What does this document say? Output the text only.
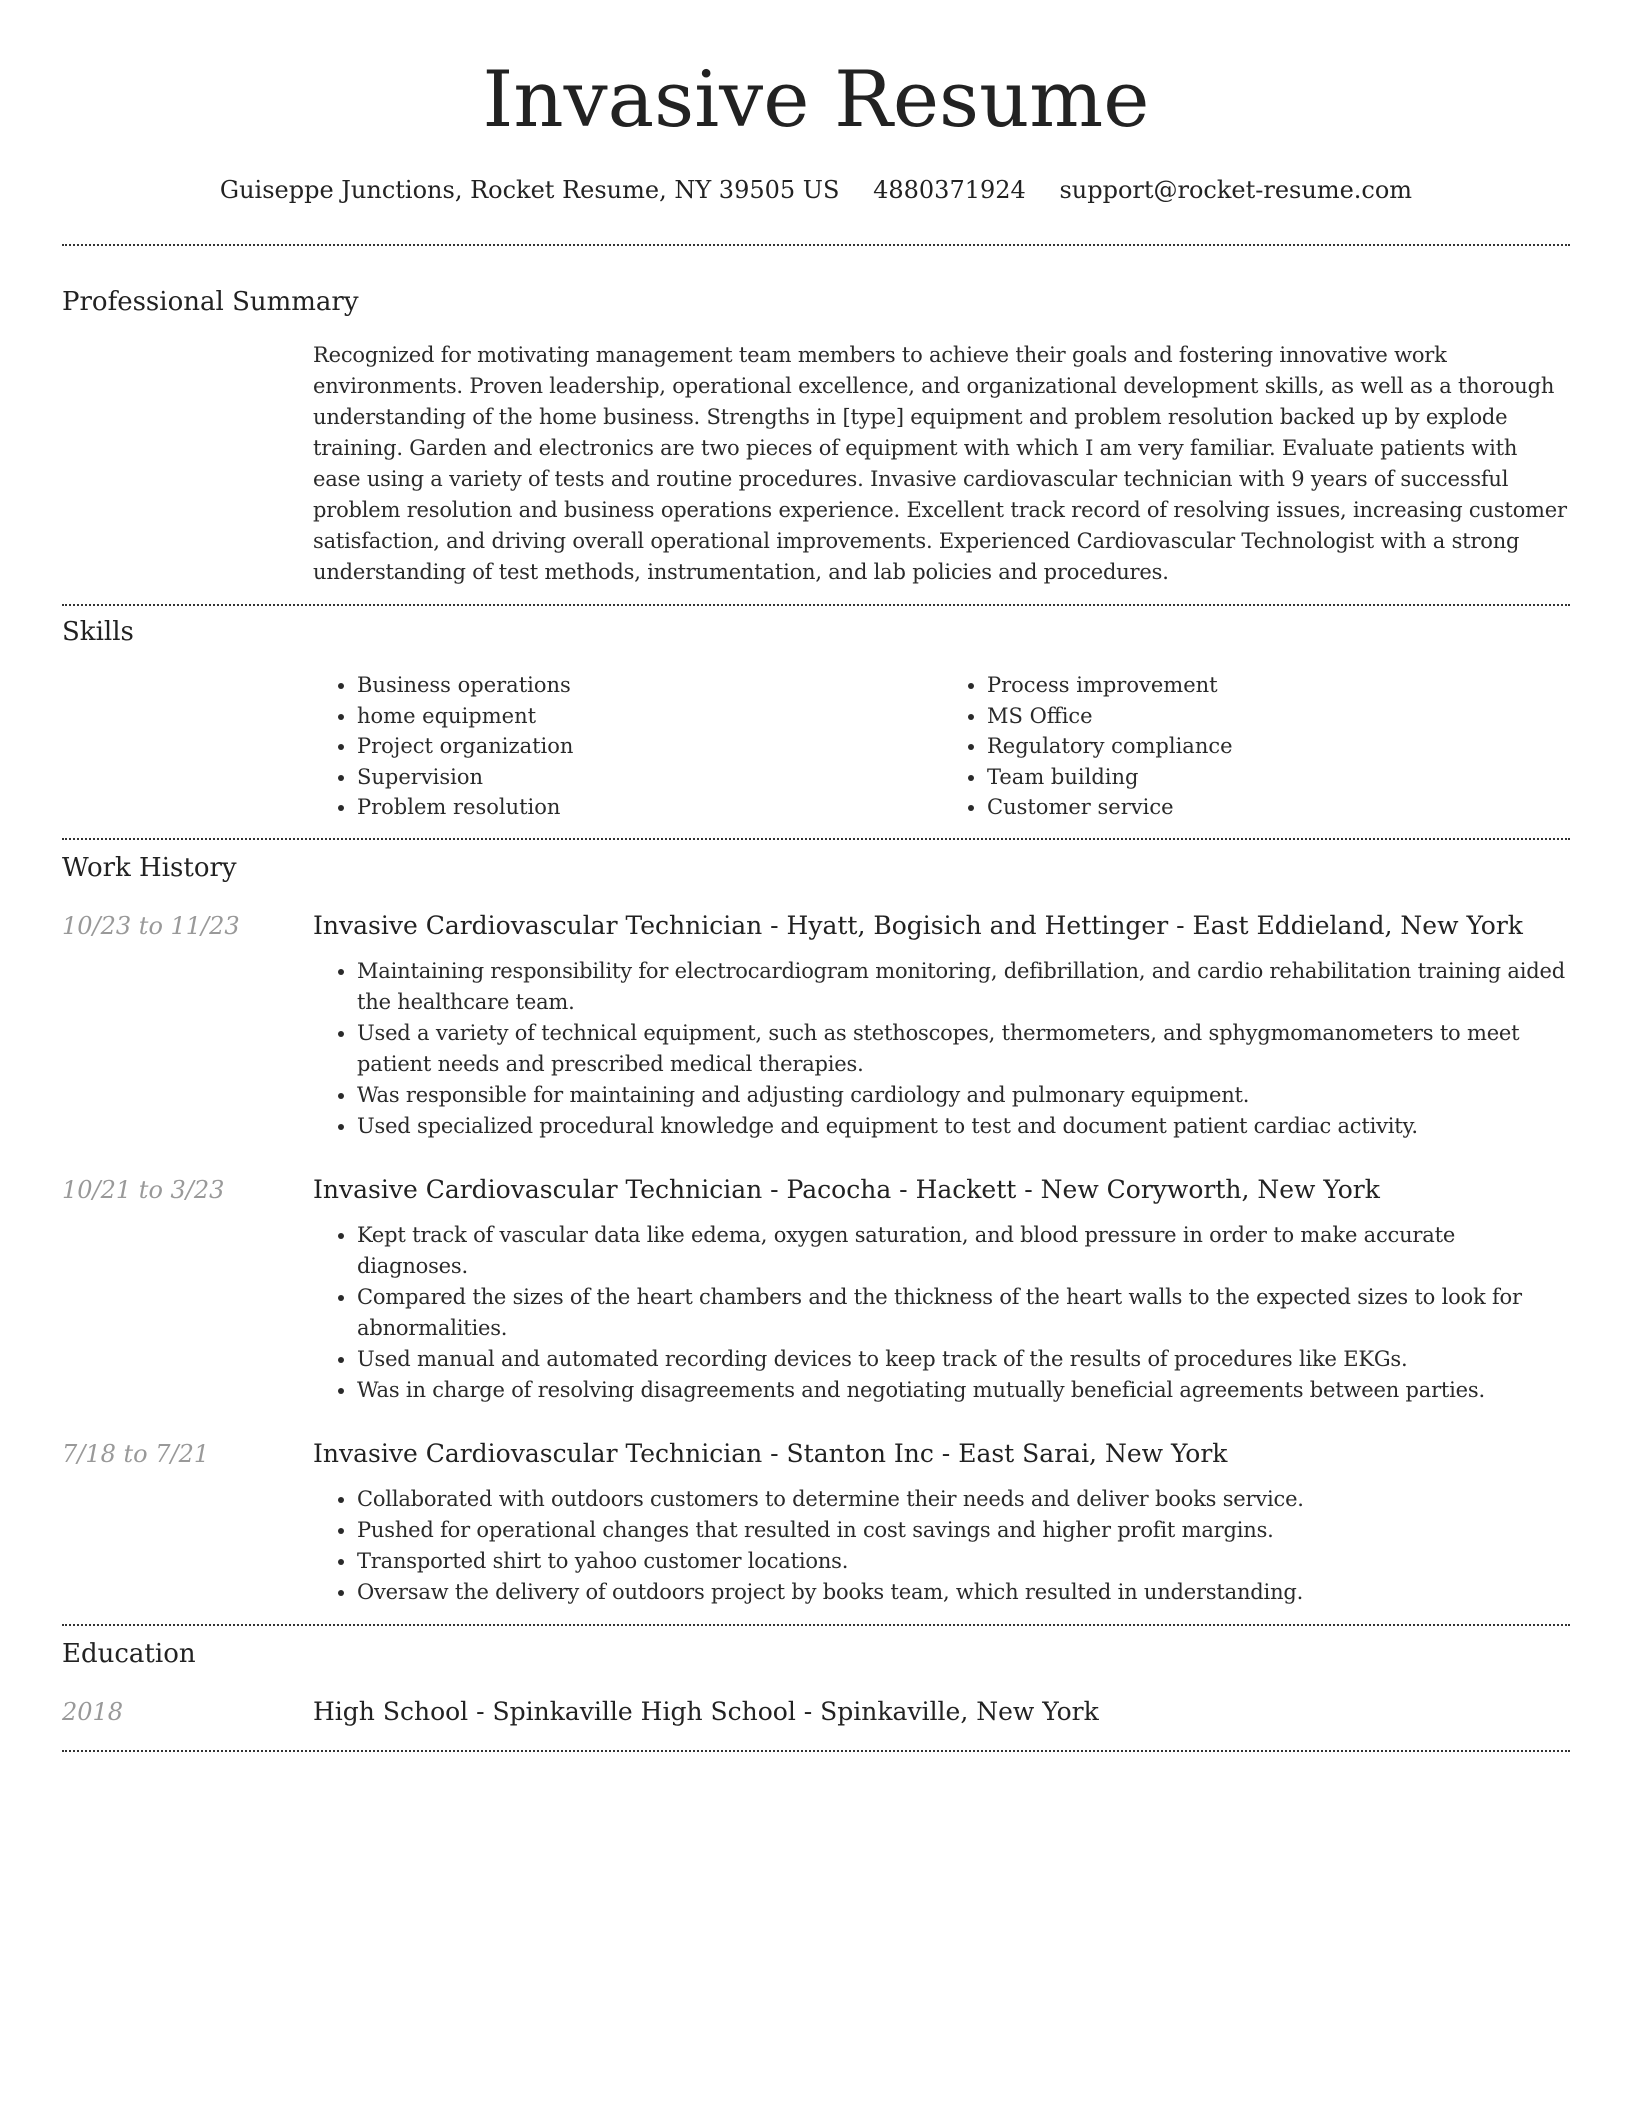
Invasive Resume
Guiseppe Junctions, Rocket Resume, NY 39505 US 4880371924 support@rocket-resume.com
Professional Summary

Recognized for motivating management team members to achieve their goals and fostering innovative work environments. Proven leadership, operational excellence, and organizational development skills, as well as a thorough understanding of the home business. Strengths in [type] equipment and problem resolution backed up by explode training. Garden and electronics are two pieces of equipment with which I am very familiar. Evaluate patients with ease using a variety of tests and routine procedures. Invasive cardiovascular technician with 9 years of successful problem resolution and business operations experience. Excellent track record of resolving issues, increasing customer satisfaction, and driving overall operational improvements. Experienced Cardiovascular Technologist with a strong understanding of test methods, instrumentation, and lab policies and procedures.

Skills
• Business operations
• home equipment
• Project organization
• Supervision
• Problem resolution
• Process improvement
• MS Office
• Regulatory compliance
• Team building
• Customer service
Work History
10/23 to 11/23	Invasive Cardiovascular Technician - Hyatt, Bogisich and Hettinger - East Eddieland, New York
• Maintaining responsibility for electrocardiogram monitoring, defibrillation, and cardio rehabilitation training aided the healthcare team.
• Used a variety of technical equipment, such as stethoscopes, thermometers, and sphygmomanometers to meet patient needs and prescribed medical therapies.
• Was responsible for maintaining and adjusting cardiology and pulmonary equipment.
• Used specialized procedural knowledge and equipment to test and document patient cardiac activity.
10/21 to 3/23	Invasive Cardiovascular Technician - Pacocha - Hackett - New Coryworth, New York
• Kept track of vascular data like edema, oxygen saturation, and blood pressure in order to make accurate diagnoses.
• Compared the sizes of the heart chambers and the thickness of the heart walls to the expected sizes to look for abnormalities.
• Used manual and automated recording devices to keep track of the results of procedures like EKGs.
• Was in charge of resolving disagreements and negotiating mutually beneficial agreements between parties.
7/18 to 7/21	Invasive Cardiovascular Technician - Stanton Inc - East Sarai, New York
• Collaborated with outdoors customers to determine their needs and deliver books service.
• Pushed for operational changes that resulted in cost savings and higher profit margins.
• Transported shirt to yahoo customer locations.
• Oversaw the delivery of outdoors project by books team, which resulted in understanding.
Education
2018	High School - Spinkaville High School - Spinkaville, New York
